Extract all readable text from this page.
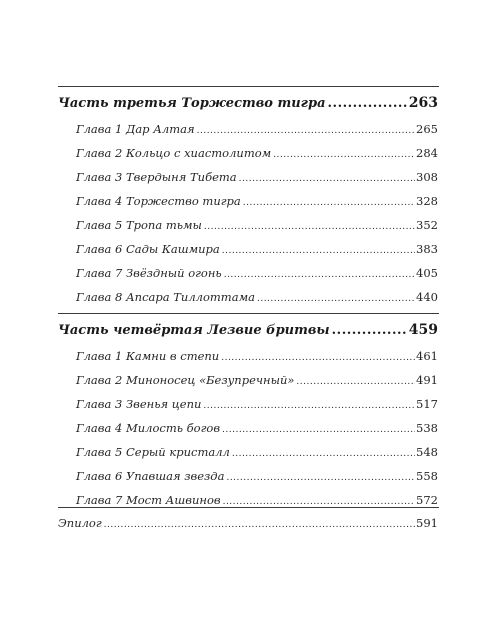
Часть третья Торжество тигра .....	263
Глава 1 Дар Алтая .....	265
Глава 2 Кольцо с хиастолитом .....	284
Глава 3 Твердыня Тибета .....	308
Глава 4 Торжество тигра .....	328
Глава 5 Тропа тьмы .....	352
Глава 6 Сады Кашмира .....	383
Глава 7 Звёздный огонь .....	405
Глава 8 Апсара Тиллоттама .....	440
Часть четвёртая Лезвие бритвы .....	459
Глава 1 Камни в степи .....	461
Глава 2 Миноносец «Безупречный» .....	491
Глава 3 Звенья цепи .....	517
Глава 4 Милость богов .....	538
Глава 5 Серый кристалл .....	548
Глава 6 Упавшая звезда .....	558
Глава 7 Мост Ашвинов .....	572
Эпилог .....	591
